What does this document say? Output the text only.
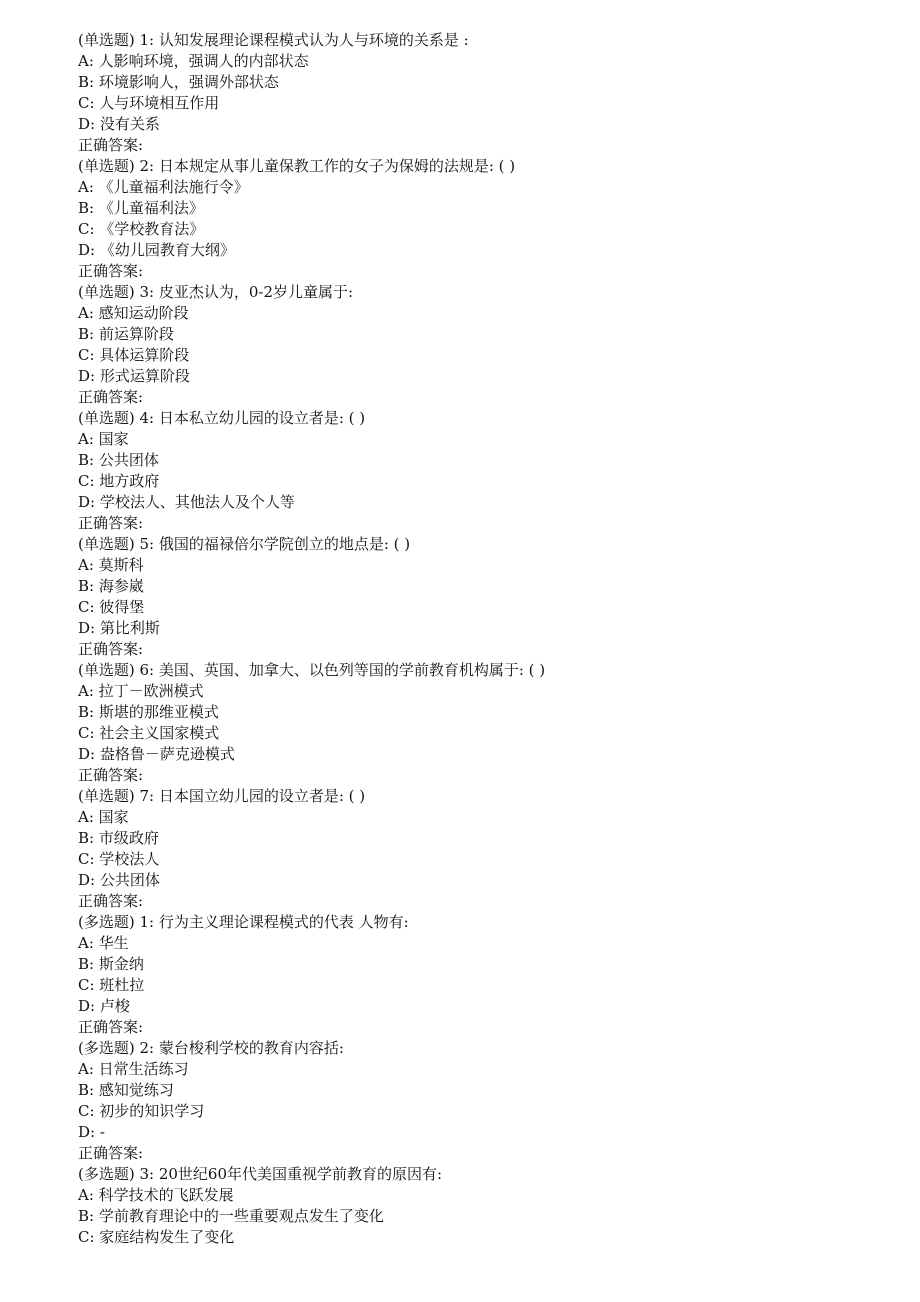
(单选题) 1: 认知发展理论课程模式认为人与环境的关系是 :
A: 人影响环境，强调人的内部状态
B: 环境影响人，强调外部状态
C: 人与环境相互作用
D: 没有关系
正确答案:
(单选题) 2: 日本规定从事儿童保教工作的女子为保姆的法规是: ( )
A: 《儿童福利法施行令》
B: 《儿童福利法》
C: 《学校教育法》
D: 《幼儿园教育大纲》
正确答案:
(单选题) 3: 皮亚杰认为，0-2岁儿童属于:
A: 感知运动阶段
B: 前运算阶段
C: 具体运算阶段
D: 形式运算阶段
正确答案:
(单选题) 4: 日本私立幼儿园的设立者是: ( )
A: 国家
B: 公共团体
C: 地方政府
D: 学校法人、其他法人及个人等
正确答案:
(单选题) 5: 俄国的福禄倍尔学院创立的地点是: ( )
A: 莫斯科
B: 海参崴
C: 彼得堡
D: 第比利斯
正确答案:
(单选题) 6: 美国、英国、加拿大、以色列等国的学前教育机构属于: ( )
A: 拉丁－欧洲模式
B: 斯堪的那维亚模式
C: 社会主义国家模式
D: 盎格鲁－萨克逊模式
正确答案:
(单选题) 7: 日本国立幼儿园的设立者是: ( )
A: 国家
B: 市级政府
C: 学校法人
D: 公共团体
正确答案:
(多选题) 1: 行为主义理论课程模式的代表 人物有:
A: 华生
B: 斯金纳
C: 班杜拉
D: 卢梭
正确答案:
(多选题) 2: 蒙台梭利学校的教育内容括:
A: 日常生活练习
B: 感知觉练习
C: 初步的知识学习
D: -
正确答案:
(多选题) 3: 20世纪60年代美国重视学前教育的原因有:
A: 科学技术的飞跃发展
B: 学前教育理论中的一些重要观点发生了变化
C: 家庭结构发生了变化
